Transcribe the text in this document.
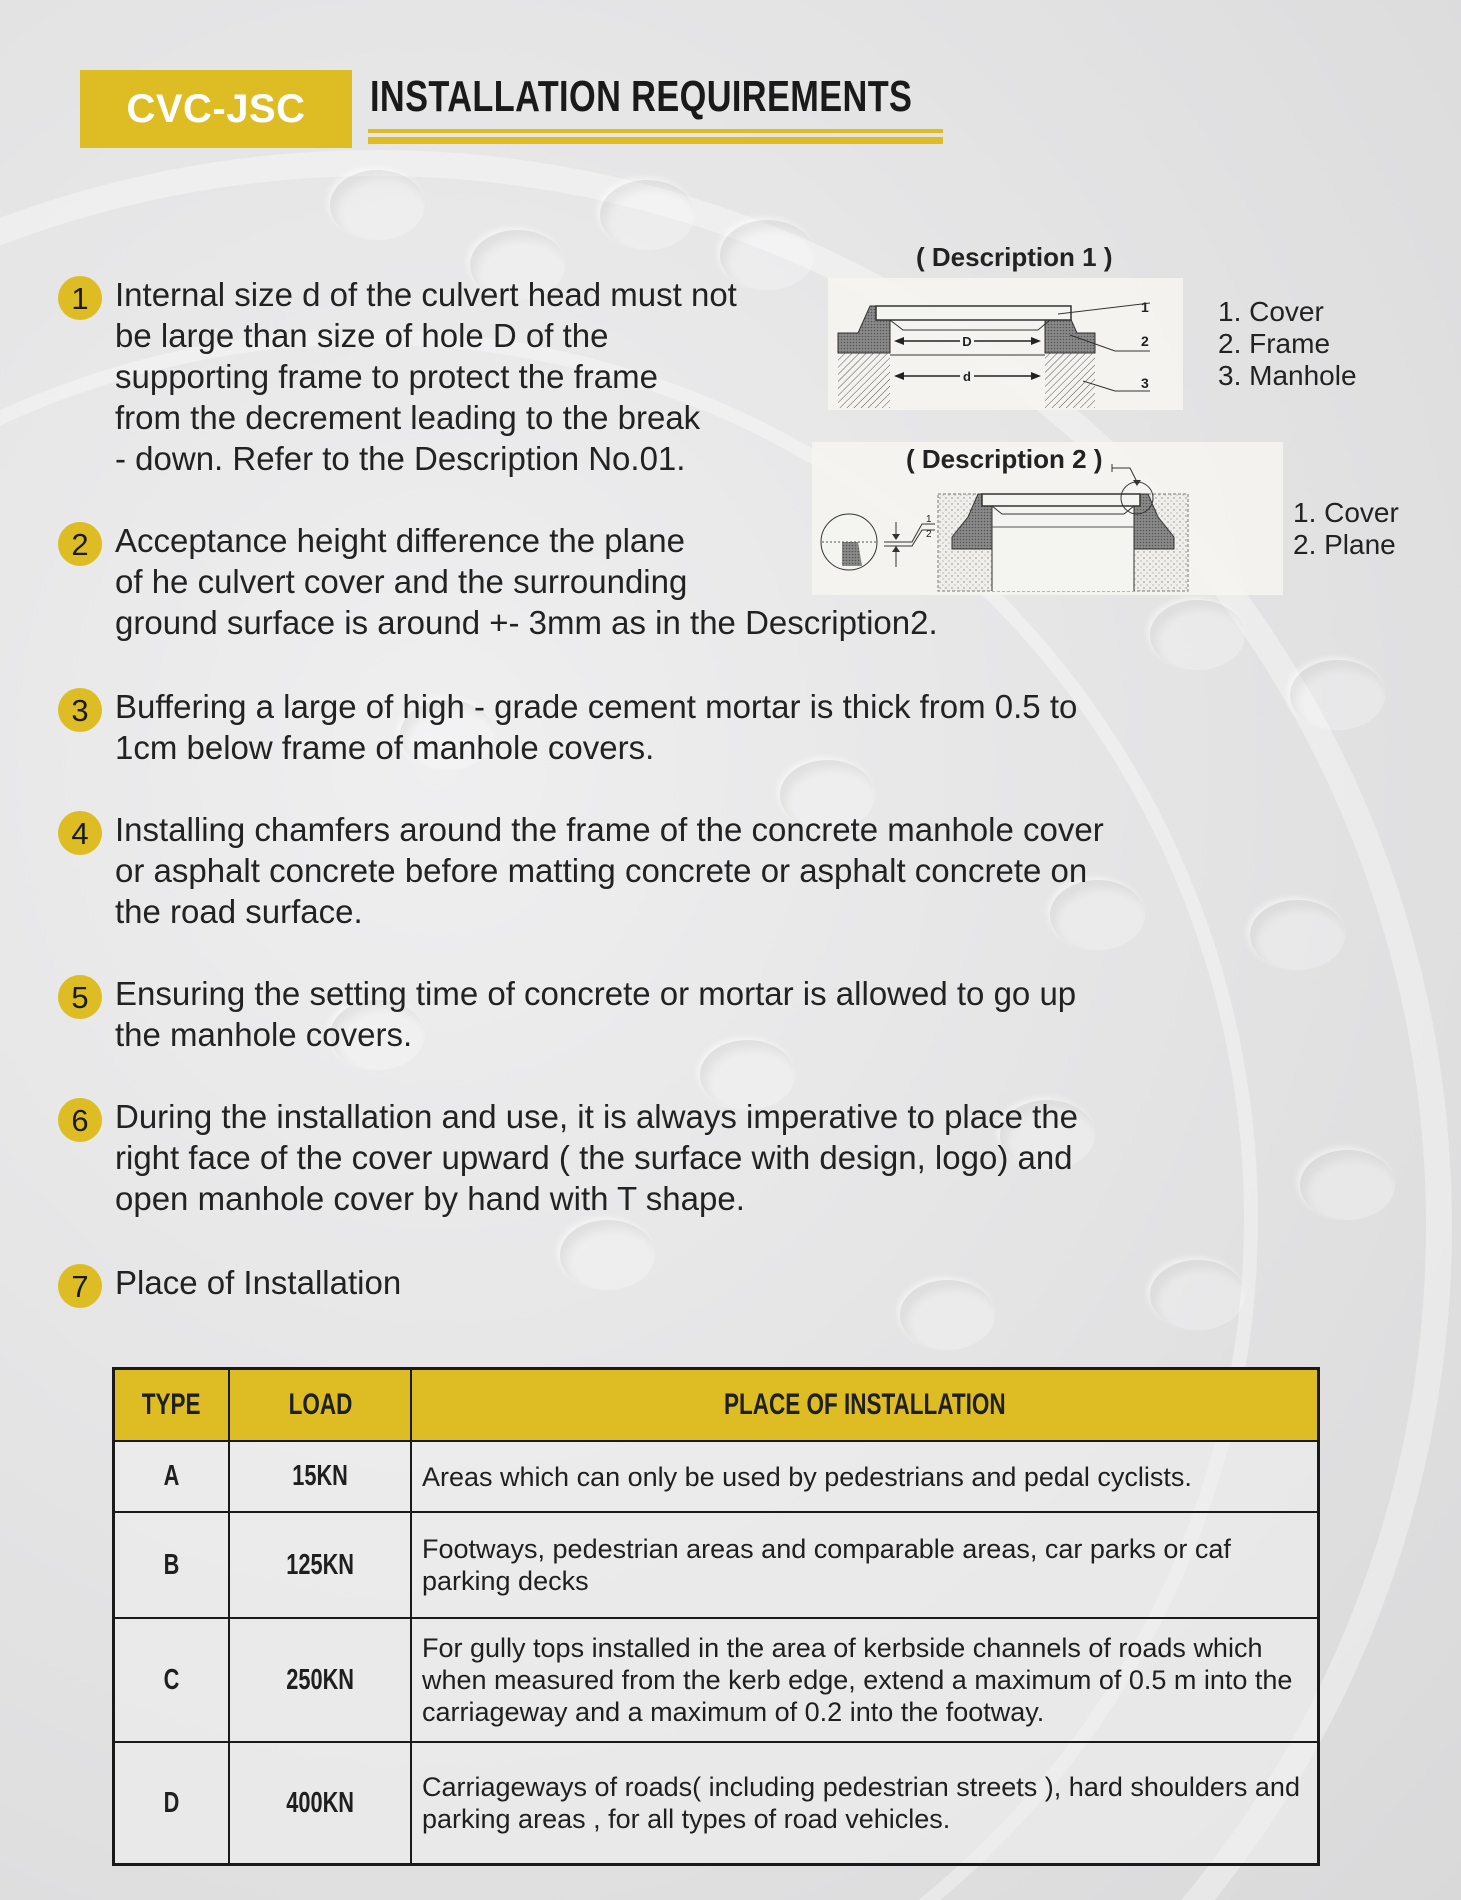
CVC-JSC	INSTALLATION REQUIREMENTS
1 Internal size d of the culvert head must not
be large than size of hole D of the
supporting frame to protect the frame
from the decrement leading to the break
- down. Refer to the Description No.01.
2 Acceptance height difference the plane
of he culvert cover and the surrounding
ground surface is around +- 3mm as in the Description2.
3 Buffering a large of high - grade cement mortar is thick from 0.5 to
1cm below frame of manhole covers.
4 Installing chamfers around the frame of the concrete manhole cover
or asphalt concrete before matting concrete or asphalt concrete on
the road surface.
5 Ensuring the setting time of concrete or mortar is allowed to go up
the manhole covers.
6 During the installation and use, it is always imperative to place the
right face of the cover upward ( the surface with design, logo) and
open manhole cover by hand with T shape.
7 Place of Installation
( Description 1 )
D
d
1
2
3
1. Cover
2. Frame
3. Manhole
1
2
( Description 2 )
1. Cover
2. Plane
TYPE	LOAD	PLACE OF INSTALLATION
A	15KN	Areas which can only be used by pedestrians and pedal cyclists.
B	125KN	Footways, pedestrian areas and comparable areas, car parks or caf parking decks
C	250KN	For gully tops installed in the area of kerbside channels of roads which when measured from the kerb edge, extend a maximum of 0.5 m into the carriageway and a maximum of 0.2 into the footway.
D	400KN	Carriageways of roads( including pedestrian streets ), hard shoulders and parking areas , for all types of road vehicles.
